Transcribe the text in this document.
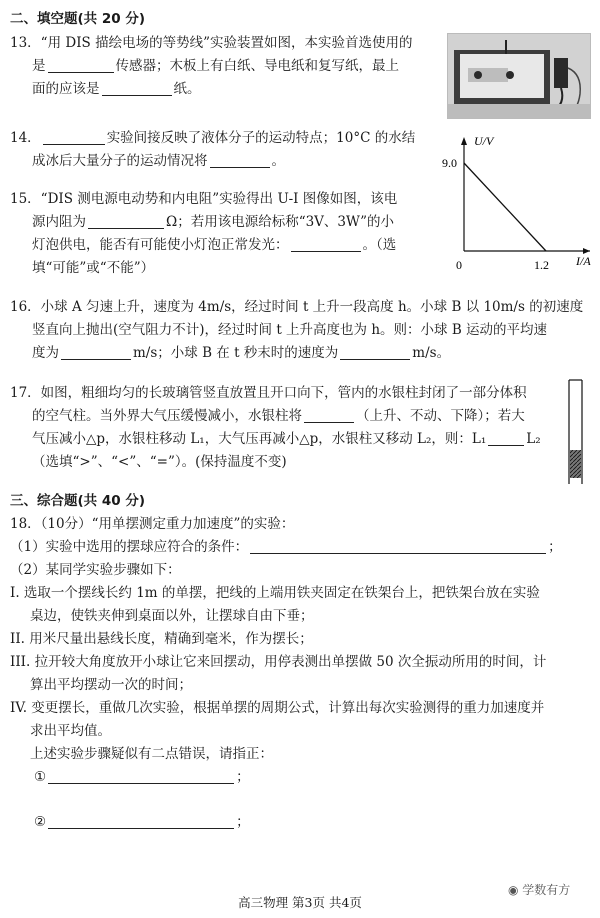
二、填空题(共 20 分)
13．“用 DIS 描绘电场的等势线”实验装置如图，本实验首选使用的
是	传感器；木板上有白纸、导电纸和复写纸，最上
面的应该是	纸。
14．	实验间接反映了液体分子的运动特点；10°C 的水结
成冰后大量分子的运动情况将	。
15．“DIS 测电源电动势和内电阻”实验得出 U-I 图像如图，该电
源内阻为	Ω；若用该电源给标称“3V、3W”的小
灯泡供电，能否有可能使小灯泡正常发光：	。（选
填“可能”或“不能”）
U/V
I/A
9.0
1.2
0
16．小球 A 匀速上升，速度为 4m/s，经过时间 t 上升一段高度 h。小球 B 以 10m/s 的初速度
竖直向上抛出(空气阻力不计)，经过时间 t 上升高度也为 h。则：小球 B 运动的平均速
度为	m/s；小球 B 在 t 秒末时的速度为	m/s。
17．如图，粗细均匀的长玻璃管竖直放置且开口向下，管内的水银柱封闭了一部分体积
的空气柱。当外界大气压缓慢减小，水银柱将	（上升、不动、下降）；若大
气压减小△p，水银柱移动 L₁，大气压再减小△p，水银柱又移动 L₂，则：L₁	L₂
（选填“>”、“<”、“=”）。(保持温度不变)
三、综合题(共 40 分)
18．（10分）“用单摆测定重力加速度”的实验：
（1）实验中选用的摆球应符合的条件：	；
（2）某同学实验步骤如下：
I. 选取一个摆线长约 1m 的单摆，把线的上端用铁夹固定在铁架台上，把铁架台放在实验
桌边，使铁夹伸到桌面以外，让摆球自由下垂；
II. 用米尺量出悬线长度，精确到毫米，作为摆长；
III. 拉开较大角度放开小球让它来回摆动，用停表测出单摆做 50 次全振动所用的时间，计
算出平均摆动一次的时间；
IV. 变更摆长，重做几次实验，根据单摆的周期公式，计算出每次实验测得的重力加速度并
求出平均值。
上述实验步骤疑似有二点错误，请指正：
①	；
②	；
◉ 学数有方
高三物理 第3页 共4页
